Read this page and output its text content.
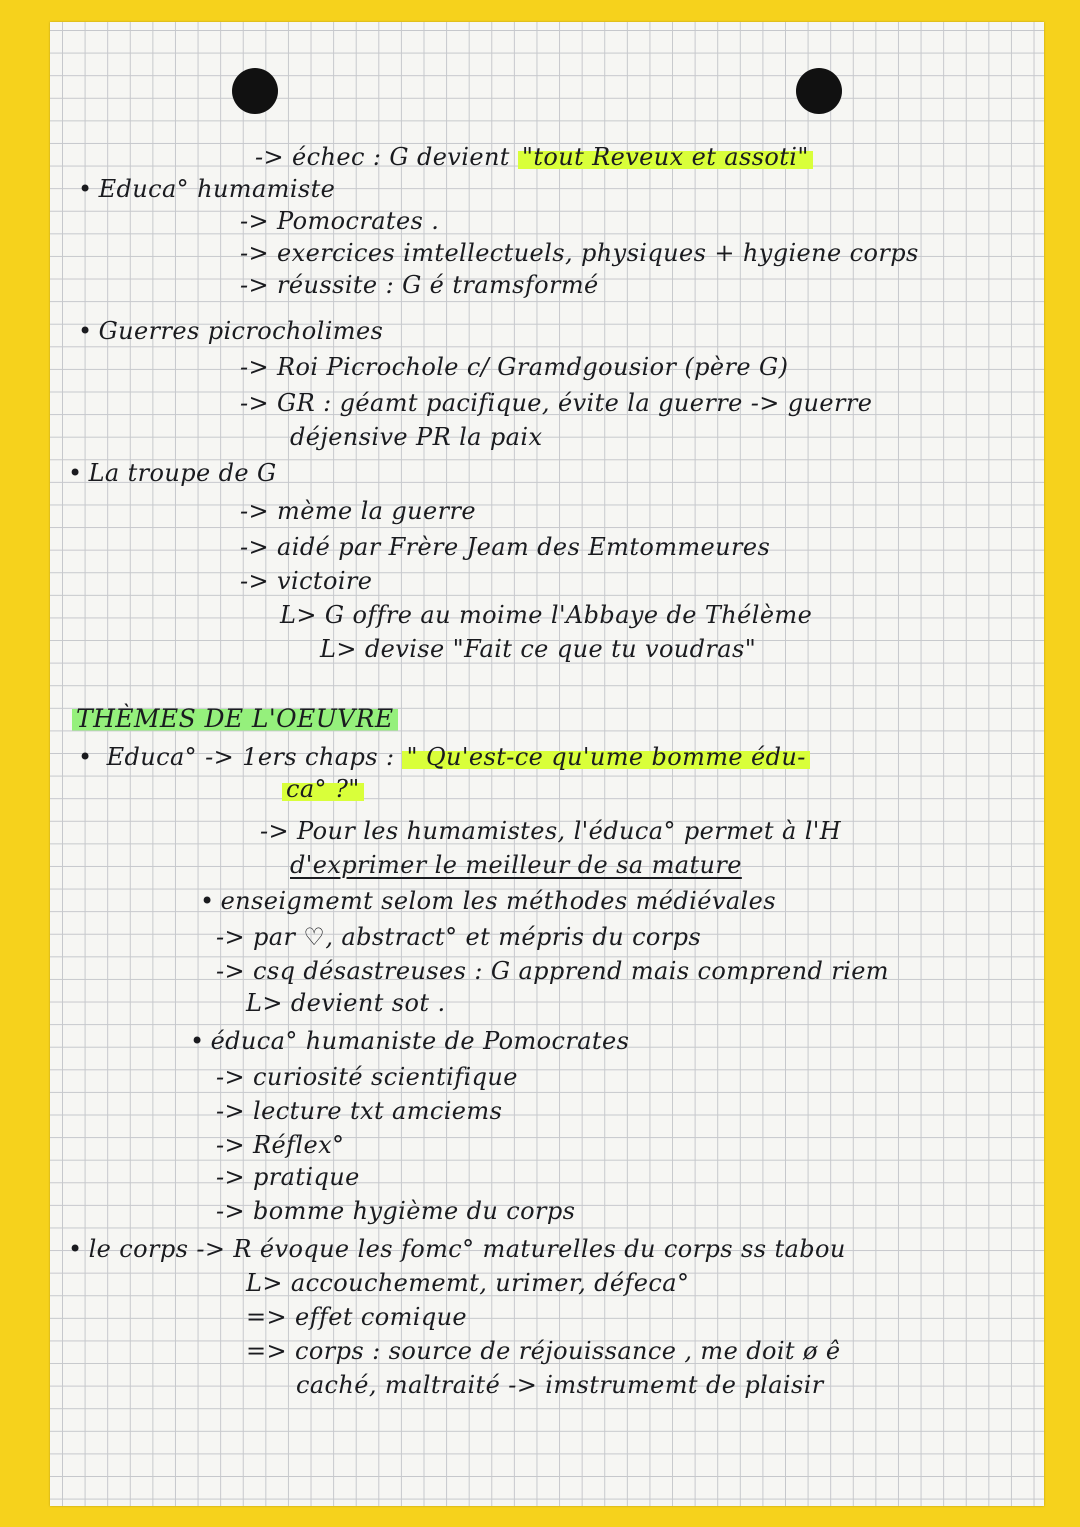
-> échec : G devient "tout Reveux et assoti"
• Educa° humamiste
-> Pomocrates .
-> exercices imtellectuels, physiques + hygiene corps
-> réussite : G é tramsformé
• Guerres picrocholimes
-> Roi Picrochole c/ Gramdgousior (père G)
-> GR : géamt pacifique, évite la guerre -> guerre
déjensive PR la paix
• La troupe de G
-> mème la guerre
-> aidé par Frère Jeam des Emtommeures
-> victoire
L> G offre au moime l'Abbaye de Thélème
L> devise "Fait ce que tu voudras"
THÈMES DE L'OEUVRE
• Educa° -> 1ers chaps : " Qu'est-ce qu'ume bomme édu-
ca° ?"
-> Pour les humamistes, l'éduca° permet à l'H
d'exprimer le meilleur de sa mature
• enseigmemt selom les méthodes médiévales
-> par ♡, abstract° et mépris du corps
-> csq désastreuses : G apprend mais comprend riem
L> devient sot .
• éduca° humaniste de Pomocrates
-> curiosité scientifique
-> lecture txt amciems
-> Réflex°
-> pratique
-> bomme hygième du corps
• le corps -> R évoque les fomc° maturelles du corps ss tabou
L> accouchememt, urimer, défeca°
=> effet comique
=> corps : source de réjouissance , me doit ø ê
caché, maltraité -> imstrumemt de plaisir
